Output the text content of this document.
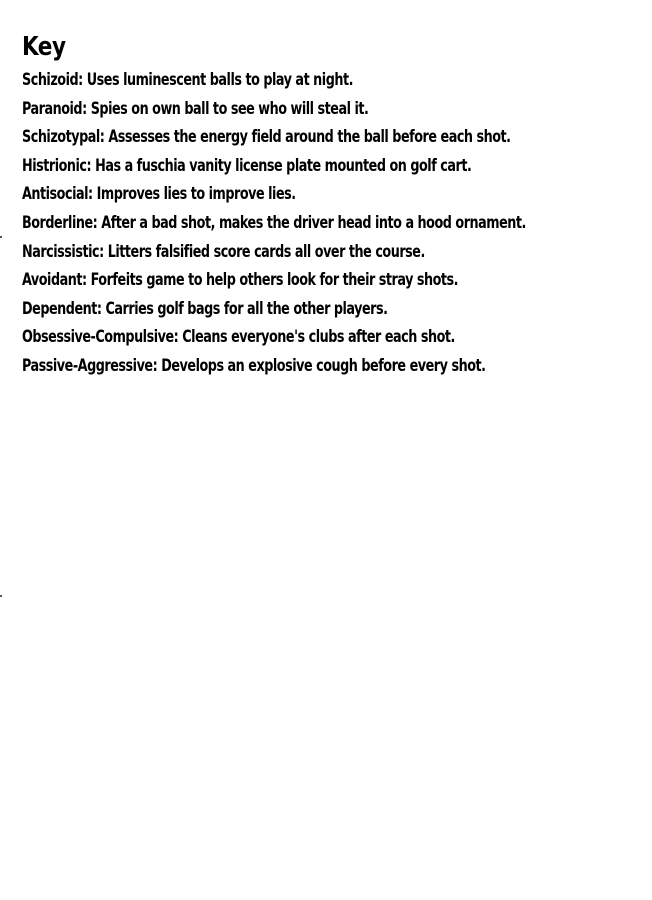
Key
Schizoid : Uses luminescent balls to play at night.
Paranoid : Spies on own ball to see who will steal it.
Schizotypal : Assesses the energy field around the ball before each shot.
Histrionic : Has a fuschia vanity license plate mounted on golf cart.
Antisocial : Improves lies to improve lies.
Borderline : After a bad shot, makes the driver head into a hood ornament.
Narcissistic : Litters falsified score cards all over the course.
Avoidant : Forfeits game to help others look for their stray shots.
Dependent : Carries golf bags for all the other players.
Obsessive-Compulsive : Cleans everyone's clubs after each shot.
Passive-Aggressive : Develops an explosive cough before every shot.
